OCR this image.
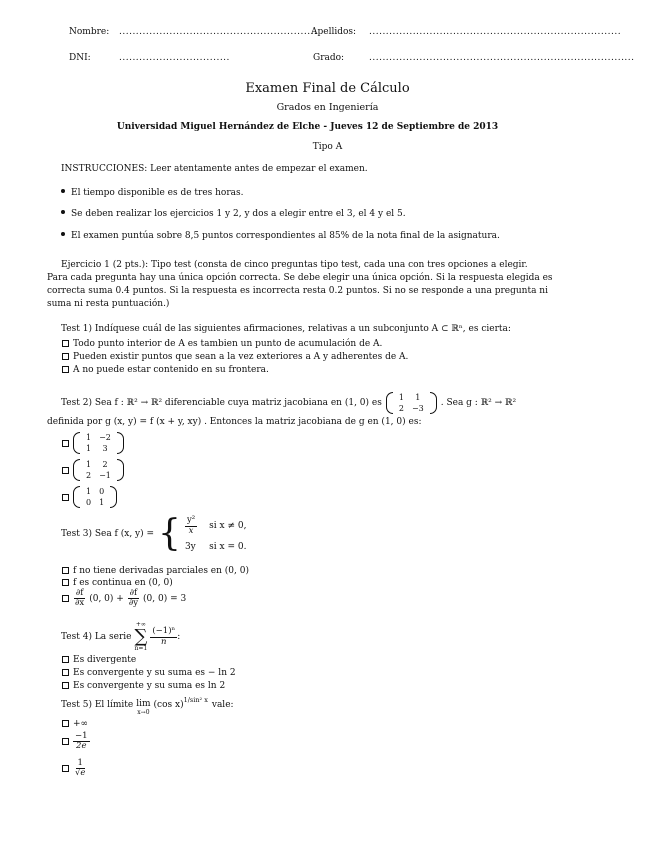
Nombre: ...........................................................
Apellidos: ...........................................................................
DNI:	.................................	Grado:	...............................................................................
Examen Final de Cálculo
Grados en Ingeniería
Universidad Miguel Hernández de Elche - Jueves 12 de Septiembre de 2013
Tipo A
INSTRUCCIONES: Leer atentamente antes de empezar el examen.
El tiempo disponible es de tres horas.
Se deben realizar los ejercicios 1 y 2, y dos a elegir entre el 3, el 4 y el 5.
El examen puntúa sobre 8,5 puntos correspondientes al 85% de la nota final de la asignatura.
Ejercicio 1 (2 pts.): Tipo test (consta de cinco preguntas tipo test, cada una con tres opciones a elegir.
Para cada pregunta hay una única opción correcta. Se debe elegir una única opción. Si la respuesta elegida es
correcta suma 0.4 puntos. Si la respuesta es incorrecta resta 0.2 puntos. Si no se responde a una pregunta ni
suma ni resta puntuación.)
Test 1) Indíquese cuál de las siguientes afirmaciones, relativas a un subconjunto A ⊂ ℝⁿ, es cierta:
Todo punto interior de A es tambien un punto de acumulación de A.
Pueden existir puntos que sean a la vez exteriores a A y adherentes de A.
A no puede estar contenido en su frontera.
Test 2) Sea f : ℝ² → ℝ² diferenciable cuya matriz jacobiana en (1, 0) es
1	1
2	−3
. Sea g : ℝ² → ℝ²
definida por g (x, y) = f (x + y, xy) . Entonces la matriz jacobiana de g en (1, 0) es:
1	−2
1	3
1	2
2	−1
1	0
0	1
Test 3) Sea f (x, y) = { $\frac{\text{y²}}{x}$ si x ≠ 0,
3y si x = 0.
f no tiene derivadas parciales en (0, 0)
f es continua en (0, 0)
$\frac{\partial f}{\partial x} (0$, $0) + \frac{\partial f}{\partial y} (0$, 0) = 3
Test 4) La serie
+∞
∑
n=1
$\frac{\text{(−1)ⁿ}}{n}$ :
Es divergente
Es convergente y su suma es − ln 2
Es convergente y su suma es ln 2
Test 5) El límite lim
x→0
(cos x) 1/sin² x vale:
+∞
$\frac{-1}{2e}$
$\frac{1}{√e}$
